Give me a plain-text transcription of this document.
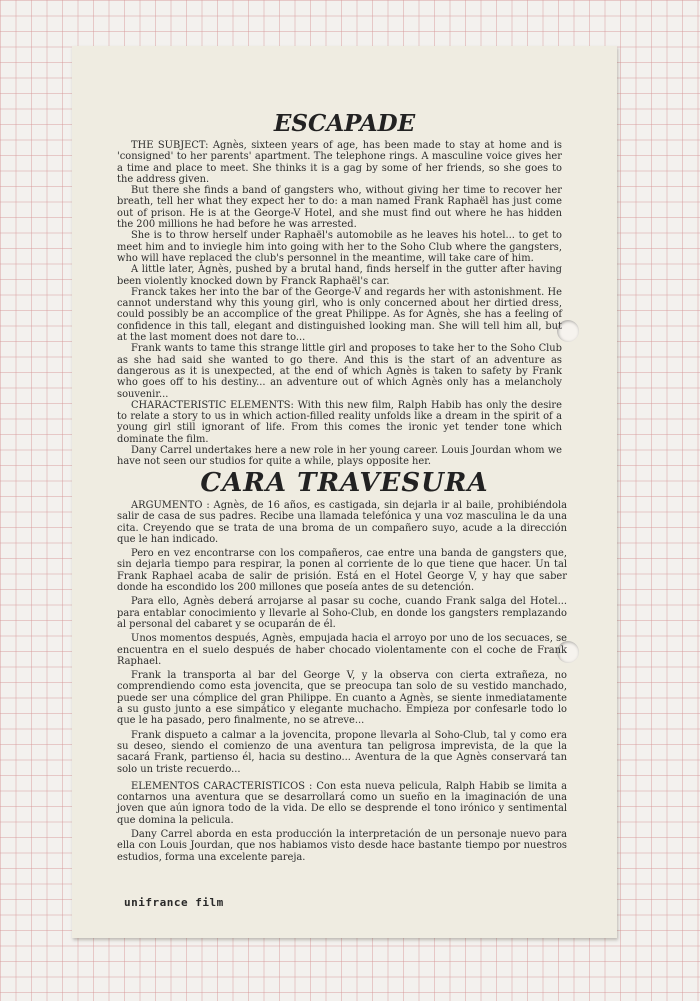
ESCAPADE

THE SUBJECT: Agnès, sixteen years of age, has been made to stay at home and is 'consigned' to her parents' apartment. The telephone rings. A masculine voice gives her a time and place to meet. She thinks it is a gag by some of her friends, so she goes to the address given.

But there she finds a band of gangsters who, without giving her time to recover her breath, tell her what they expect her to do: a man named Frank Raphaël has just come out of prison. He is at the George-V Hotel, and she must find out where he has hidden the 200 millions he had before he was arrested.

She is to throw herself under Raphaël's automobile as he leaves his hotel... to get to meet him and to inviegle him into going with her to the Soho Club where the gangsters, who will have replaced the club's personnel in the meantime, will take care of him.

A little later, Agnès, pushed by a brutal hand, finds herself in the gutter after having been violently knocked down by Franck Raphaël's car.

Franck takes her into the bar of the George-V and regards her with astonishment. He cannot understand why this young girl, who is only concerned about her dirtied dress, could possibly be an accomplice of the great Philippe. As for Agnès, she has a feeling of confidence in this tall, elegant and distinguished looking man. She will tell him all, but at the last moment does not dare to...

Frank wants to tame this strange little girl and proposes to take her to the Soho Club as she had said she wanted to go there. And this is the start of an adventure as dangerous as it is unexpected, at the end of which Agnès is taken to safety by Frank who goes off to his destiny... an adventure out of which Agnès only has a melancholy souvenir...

CHARACTERISTIC ELEMENTS: With this new film, Ralph Habib has only the desire to relate a story to us in which action-filled reality unfolds like a dream in the spirit of a young girl still ignorant of life. From this comes the ironic yet tender tone which dominate the film.

Dany Carrel undertakes here a new role in her young career. Louis Jourdan whom we have not seen our studios for quite a while, plays opposite her.

CARA TRAVESURA

ARGUMENTO : Agnès, de 16 años, es castigada, sin dejarla ir al baile, prohibiéndola salir de casa de sus padres. Recibe una llamada telefónica y una voz masculina le da una cita. Creyendo que se trata de una broma de un compañero suyo, acude a la dirección que le han indicado.

Pero en vez encontrarse con los compañeros, cae entre una banda de gangsters que, sin dejarla tiempo para respirar, la ponen al corriente de lo que tiene que hacer. Un tal Frank Raphael acaba de salir de prisión. Está en el Hotel George V, y hay que saber donde ha escondido los 200 millones que poseía antes de su detención.

Para ello, Agnès deberá arrojarse al pasar su coche, cuando Frank salga del Hotel... para entablar conocimiento y llevarle al Soho-Club, en donde los gangsters remplazando al personal del cabaret y se ocuparán de él.

Unos momentos después, Agnès, empujada hacia el arroyo por uno de los secuaces, se encuentra en el suelo después de haber chocado violentamente con el coche de Frank Raphael.

Frank la transporta al bar del George V, y la observa con cierta extrañeza, no comprendiendo como esta jovencita, que se preocupa tan solo de su vestido manchado, puede ser una cómplice del gran Philippe. En cuanto a Agnès, se siente inmediatamente a su gusto junto a ese simpático y elegante muchacho. Empieza por confesarle todo lo que le ha pasado, pero finalmente, no se atreve...

Frank dispueto a calmar a la jovencita, propone llevarla al Soho-Club, tal y como era su deseo, siendo el comienzo de una aventura tan peligrosa imprevista, de la que la sacará Frank, partienso él, hacia su destino... Aventura de la que Agnès conservará tan solo un triste recuerdo...

ELEMENTOS CARACTERISTICOS : Con esta nueva pelicula, Ralph Habib se limita a contarnos una aventura que se desarrollará como un sueño en la imaginación de una joven que aún ignora todo de la vida. De ello se desprende el tono irónico y sentimental que domina la pelicula.

Dany Carrel aborda en esta producción la interpretación de un personaje nuevo para ella con Louis Jourdan, que nos habiamos visto desde hace bastante tiempo por nuestros estudios, forma una excelente pareja.

unifrance film
